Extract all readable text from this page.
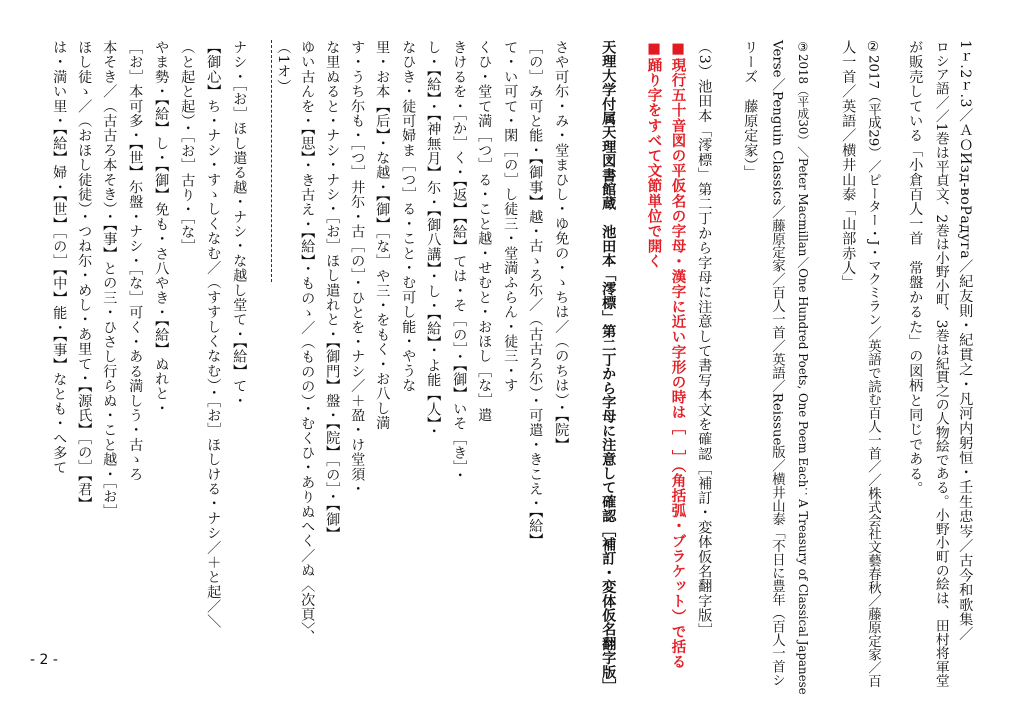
1ｒ.2ｒ.3／ＡＯИзд-воРадуга／紀友則・紀貫之・凡河内躬恒・壬生忠岑／古今和歌集／

ロシア語／／1巻は平貞文、2巻は小野小町、3巻は紀貫之の人物絵である。小野小町の絵は、田村将軍堂

が販売している「小倉百人一首　常盤かるた」の図柄と同じである。

②2017（平成29）／ピーター・J・マクミラン／英語で読む百人一首／／株式会社文藝春秋／藤原定家／百

人一首／英語／横井山泰「山部赤人」

③2018（平成30）＼Peter Macmillan／One Hundred Poets, One Poem Each：A Treasury of Classical Japanese

Verse／Penguin Classics／藤原定家／百人一首／英語／Reissue版／横井山泰「不日に豊年（百人一首シ

リーズ　藤原定家）」

（3）池田本「澪標」第二丁から字母に注意して書写本文を確認［補訂・変体仮名翻字版］

■現行五十音図の平仮名の字母・漢字に近い字形の時は［　］（角括弧・ブラケット）で括る

■踊り字をすべて文節単位で開く

天理大学付属天理図書館蔵　池田本「澪標」第二丁から字母に注意して確認［補訂・変体仮名翻字版］

さや可尓・み・堂まひし・ゆ免の・ゝちは／（のちは）・【院】

［の］み可と能・【御事】越・古ゝろ尓／（古古ろ尓）・可遣・きこえ・【給】

て・い可て・閑［の］し徒三・堂満ふらん・徒三・す

くひ・堂て満［つ］る・こと越・せむと・おほし［な］遣

きけるを・［か］く・【返】【給】ては・そ［の］・【御】いそ［き］・

し・【給】・【神無月】尓・【御八講】・し・【給】・よ能【人】・

なひき・徒可婦ま［つ］る・こと・む可し能・やうな

里・お本【后】・な越・【御】［な］や三・をもく・お八し満

す・うち尓も・［つ］井尓・古［の］・ひとを・ナシ／＋盈・け堂須・

な里ぬると・ナシ・ナシ・［お］ほし遣れと・【御門】盤・【院】［の］・【御】

ゆい古んを・【思】・き古え・【給】・ものゝ／（ものの）・むくひ・ありぬへく／ぬ〈次頁〉、

（1オ）

ナシ・［お］ほし遣る越・ナシ・な越し堂て・【給】て・

【御心】ち・ナシ・すゝしくなむ／（すすしくなむ）・［お］ほしける・ナシ／＋と起／＼

（と起と起）・［お］古り・［な］

やま勢・【給】し・【御】免も・さ八やき・【給】ぬれと・

［お］本可多・【世】尓盤・ナシ・［な］可く・ある満しう・古ゝろ

本そき／（古古ろ本そき）・【事】との三・ひさし行らぬ・こと越・［お］

ほし徒ゝ／（おほし徒徒）・つね尓・めし・あ里て・【源氏】［の］【君】

は・満い里・【給】婦・【世】［の］【中】能・【事】なとも・へ多て

- 2 -
